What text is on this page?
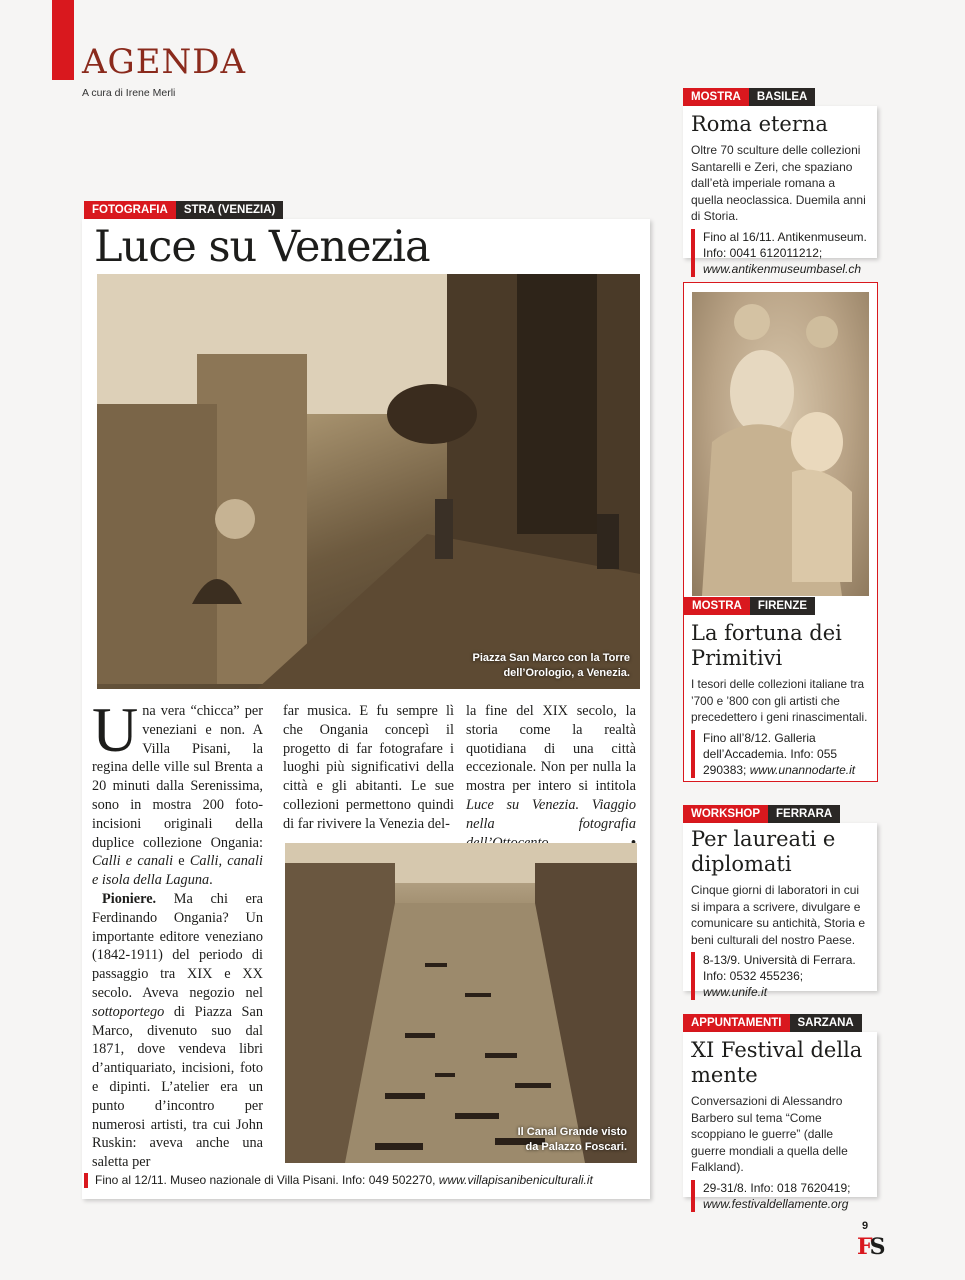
AGENDA
A cura di Irene Merli
FOTOGRAFIA	STRA (VENEZIA)
Luce su Venezia
Piazza San Marco con la Torre
dell’Orologio, a Venezia.

Una vera “chicca” per veneziani e non. A Villa Pisani, la regina delle ville sul Brenta a 20 minuti dalla Serenissima, sono in mostra 200 foto-incisioni originali della duplice collezione Ongania: Calli e canali e Calli, canali e isola della Laguna.

Pioniere. Ma chi era Ferdinando Ongania? Un importante editore veneziano (1842-1911) del periodo di passaggio tra XIX e XX secolo. Aveva negozio nel sottoportego di Piazza San Marco, divenuto suo dal 1871, dove vendeva libri d’antiquariato, incisioni, foto e dipinti. L’atelier era un punto d’incontro per numerosi artisti, tra cui John Ruskin: aveva anche una saletta per

far musica. E fu sempre lì che Ongania concepì il progetto di far fotografare i luoghi più significativi della città e gli abitanti. Le sue collezioni permettono quindi di far rivivere la Venezia del-

la fine del XIX secolo, la storia come la realtà quotidiana di una città eccezionale. Non per nulla la mostra per intero si intitola Luce su Venezia. Viaggio nella fotografia

Il Canal Grande visto
da Palazzo Foscari.
Fino al 12/11. Museo nazionale di Villa Pisani. Info: 049 502270, www.villapisanibeniculturali.it
MOSTRA	BASILEA
Roma eterna
Oltre 70 sculture delle collezioni Santarelli e Zeri, che spaziano dall’età imperiale romana a quella neoclassica. Duemila anni di Storia.
Fino al 16/11. Antikenmuseum. Info: 0041 612011212; www.antikenmuseumbasel.ch
MOSTRA	FIRENZE
La fortuna dei Primitivi
I tesori delle collezioni italiane tra ’700 e ’800 con gli artisti che precedettero i geni rinascimentali.
Fino all’8/12. Galleria dell’Accademia. Info: 055 290383; www.unannodarte.it
WORKSHOP	FERRARA
Per laureati e diplomati
Cinque giorni di laboratori in cui si impara a scrivere, divulgare e comunicare su antichità, Storia e beni culturali del nostro Paese.
8-13/9. Università di Ferrara. Info: 0532 455236; www.unife.it
APPUNTAMENTI	SARZANA
XI Festival della mente
Conversazioni di Alessandro Barbero sul tema “Come scoppiano le guerre” (dalle guerre mondiali a quella delle Falkland).
29-31/8. Info: 018 7620419; www.festivaldellamente.org
9
FS
